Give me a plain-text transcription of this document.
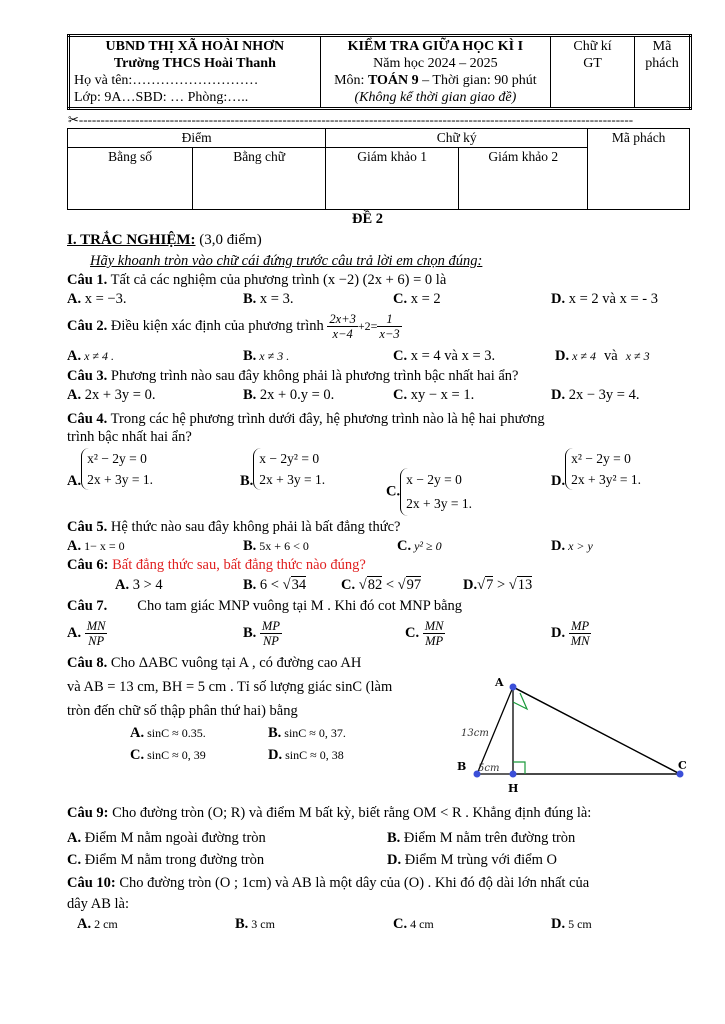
UBND THỊ XÃ HOÀI NHƠN
Trường THCS Hoài Thanh
Họ và tên:………………………
Lớp: 9A…SBD: … Phòng:…..

KIỂM TRA GIỮA HỌC KÌ I
Năm học 2024 – 2025
Môn: TOÁN 9 – Thời gian: 90 phút
(Không kể thời gian giao đề)

Chữ kí GT

Mã phách
✂--------------------------------------------------------------------------------------------------------------------------------
Điểm		Chữ ký		Mã phách
Bằng số	Bằng chữ	Giám khảo 1	Giám khảo 2	
ĐỀ 2
I. TRẮC NGHIỆM: (3,0 điểm)
Hãy khoanh tròn vào chữ cái đứng trước câu trả lời em chọn đúng:
Câu 1. Tất cả các nghiệm của phương trình (x −2) (2x + 6) = 0 là
A. x = −3.	B. x = 3.	C. x = 2	D. x = 2 và x = - 3
Câu 2. Điều kiện xác định của phương trình $\frac{2x+3}{x-4} +2= \frac{1}{x-3}$
A. x ≠ 4 .	B. x ≠ 3 .	C. x = 4 và x = 3.	D. x ≠ 4 và x ≠ 3
Câu 3. Phương trình nào sau đây không phải là phương trình bậc nhất hai ẩn?
A. 2x + 3y = 0.	B. 2x + 0.y = 0.	C. xy − x = 1.	D. 2x − 3y = 4.
Câu 4. Trong các hệ phương trình dưới đây, hệ phương trình nào là hệ hai phương
trình bậc nhất hai ẩn?
A.x² − 2y = 0
2x + 3y = 1.	B.x − 2y² = 0
2x + 3y = 1.
C.x − 2y = 0
2x + 3y = 1.
D.x² − 2y = 0
2x + 3y² = 1.
Câu 5. Hệ thức nào sau đây không phải là bất đẳng thức?
A. 1− x = 0	B. 5x + 6 < 0	C. y² ≥ 0	D. x > y
Câu 6: Bất đẳng thức sau, bất đẳng thức nào đúng?
A. 3 > 4	B. 6 < √34 C. √82 < √97	D.√7 > √13
Câu 7. Cho tam giác MNP vuông tại M . Khi đó cot MNP bằng
A. $\frac{MN}{NP}$	B. $\frac{MP}{NP}$	C. $\frac{MN}{MP}$	D. $\frac{MP}{MN}$
Câu 8. Cho ΔABC vuông tại A , có đường cao AH
và AB = 13 cm, BH = 5 cm . Tỉ số lượng giác sinC (làm
tròn đến chữ số thập phân thứ hai) bằng
A. sinC ≈ 0.35.	B. sinC ≈ 0, 37.
C. sinC ≈ 0, 39	D. sinC ≈ 0, 38
A
B
H
C
13cm
5cm
Câu 9: Cho đường tròn (O; R) và điểm M bất kỳ, biết rằng OM < R . Khẳng định đúng là:
A. Điểm M nằm ngoài đường tròn	B. Điểm M nằm trên đường tròn
C. Điểm M nằm trong đường tròn	D. Điểm M trùng với điểm O
Câu 10: Cho đường tròn (O ; 1cm) và AB là một dây của (O) . Khi đó độ dài lớn nhất của
dây AB là:
A. 2 cm	B. 3 cm	C. 4 cm	D. 5 cm
